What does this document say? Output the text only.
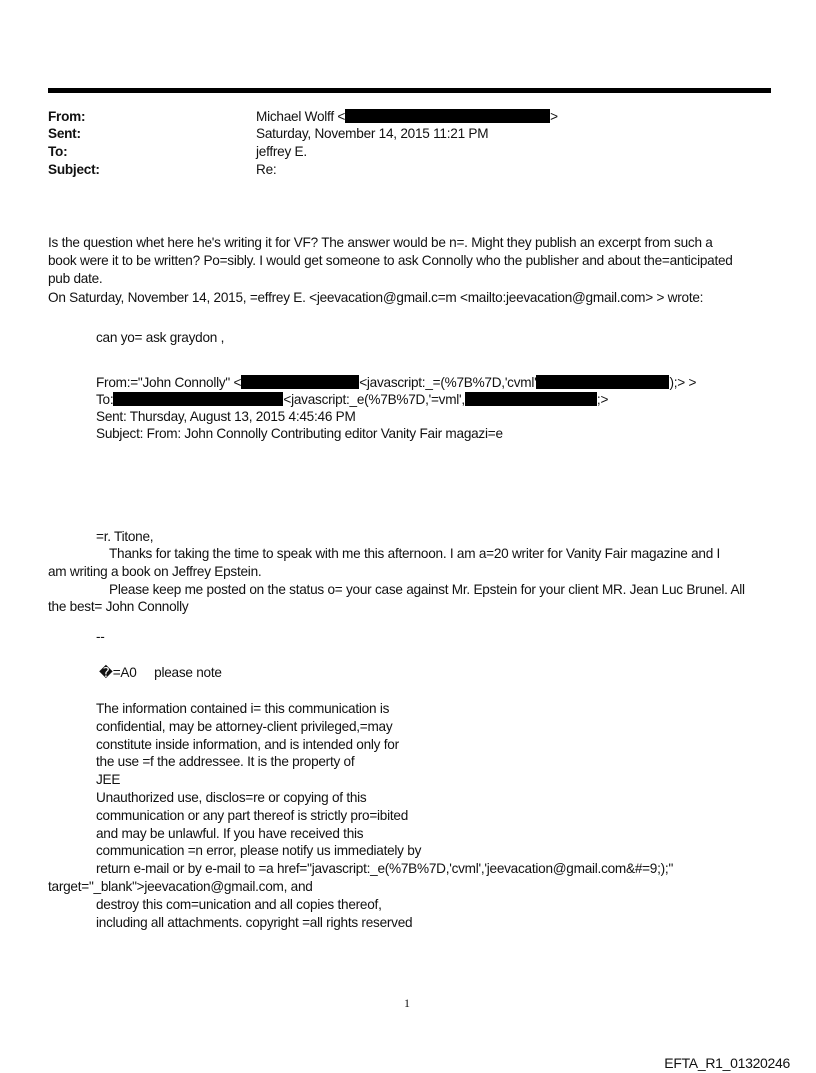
From:	Michael Wolff <	>
Sent:	Saturday, November 14, 2015 11:21 PM
To:	jeffrey E.
Subject:	Re:
Is the question whet here he's writing it for VF? The answer would be n=. Might they publish an excerpt from such a
book were it to be written? Po=sibly. I would get someone to ask Connolly who the publisher and about the=anticipated
pub date.
On Saturday, November 14, 2015, =effrey E. <jeevacation@gmail.c=m <mailto:jeevacation@gmail.com> > wrote:
can yo= ask graydon ,
From:="John Connolly" <	<javascript:_=(%7B%7D,'cvml'	);> >
To:	<javascript:_e(%7B%7D,'=vml',	;>
Sent: Thursday, August 13, 2015 4:45:46 PM
Subject: From: John Connolly Contributing editor Vanity Fair magazi=e
=r. Titone,
Thanks for taking the time to speak with me this afternoon. I am a=20 writer for Vanity Fair magazine and I
am writing a book on Jeffrey Epstein.
Please keep me posted on the status o= your case against Mr. Epstein for your client MR. Jean Luc Brunel. All
the best= John Connolly
--
�=A0     please note
The information contained i= this communication is
confidential, may be attorney-client privileged,=may
constitute inside information, and is intended only for
the use =f the addressee. It is the property of
JEE
Unauthorized use, disclos=re or copying of this
communication or any part thereof is strictly pro=ibited
and may be unlawful. If you have received this
communication =n error, please notify us immediately by
return e-mail or by e-mail to =a href="javascript:_e(%7B%7D,'cvml','jeevacation@gmail.com&#=9;);"
target="_blank">jeevacation@gmail.com, and
destroy this com=unication and all copies thereof,
including all attachments. copyright =all rights reserved
1
EFTA_R1_01320246
